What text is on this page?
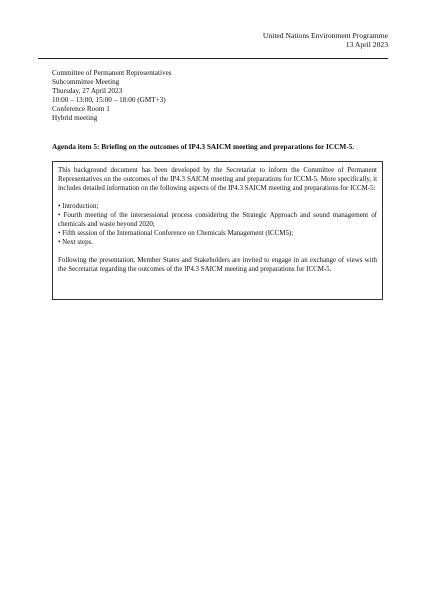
United Nations Environment Programme
13 April 2023
Committee of Permanent Representatives
Subcommittee Meeting
Thursday, 27 April 2023
10:00 – 13:00, 15:00 – 18:00 (GMT+3)
Conference Room 1
Hybrid meeting
Agenda item 5: Briefing on the outcomes of IP4.3 SAICM meeting and preparations for ICCM-5.

This background document has been developed by the Secretariat to inform the Committee of Permanent Representatives on the outcomes of the IP4.3 SAICM meeting and preparations for ICCM-5. More specifically, it includes detailed information on the following aspects of the IP4.3 SAICM meeting and preparations for ICCM-5:

• Introduction;
• Fourth meeting of the intersessional process considering the Strategic Approach and sound management of chemicals and waste beyond 2020;
• Fifth session of the International Conference on Chemicals Management (ICCM5);
• Next steps.

Following the presentation, Member States and Stakeholders are invited to engage in an exchange of views with the Secretariat regarding the outcomes of the IP4.3 SAICM meeting and preparations for ICCM-5.
